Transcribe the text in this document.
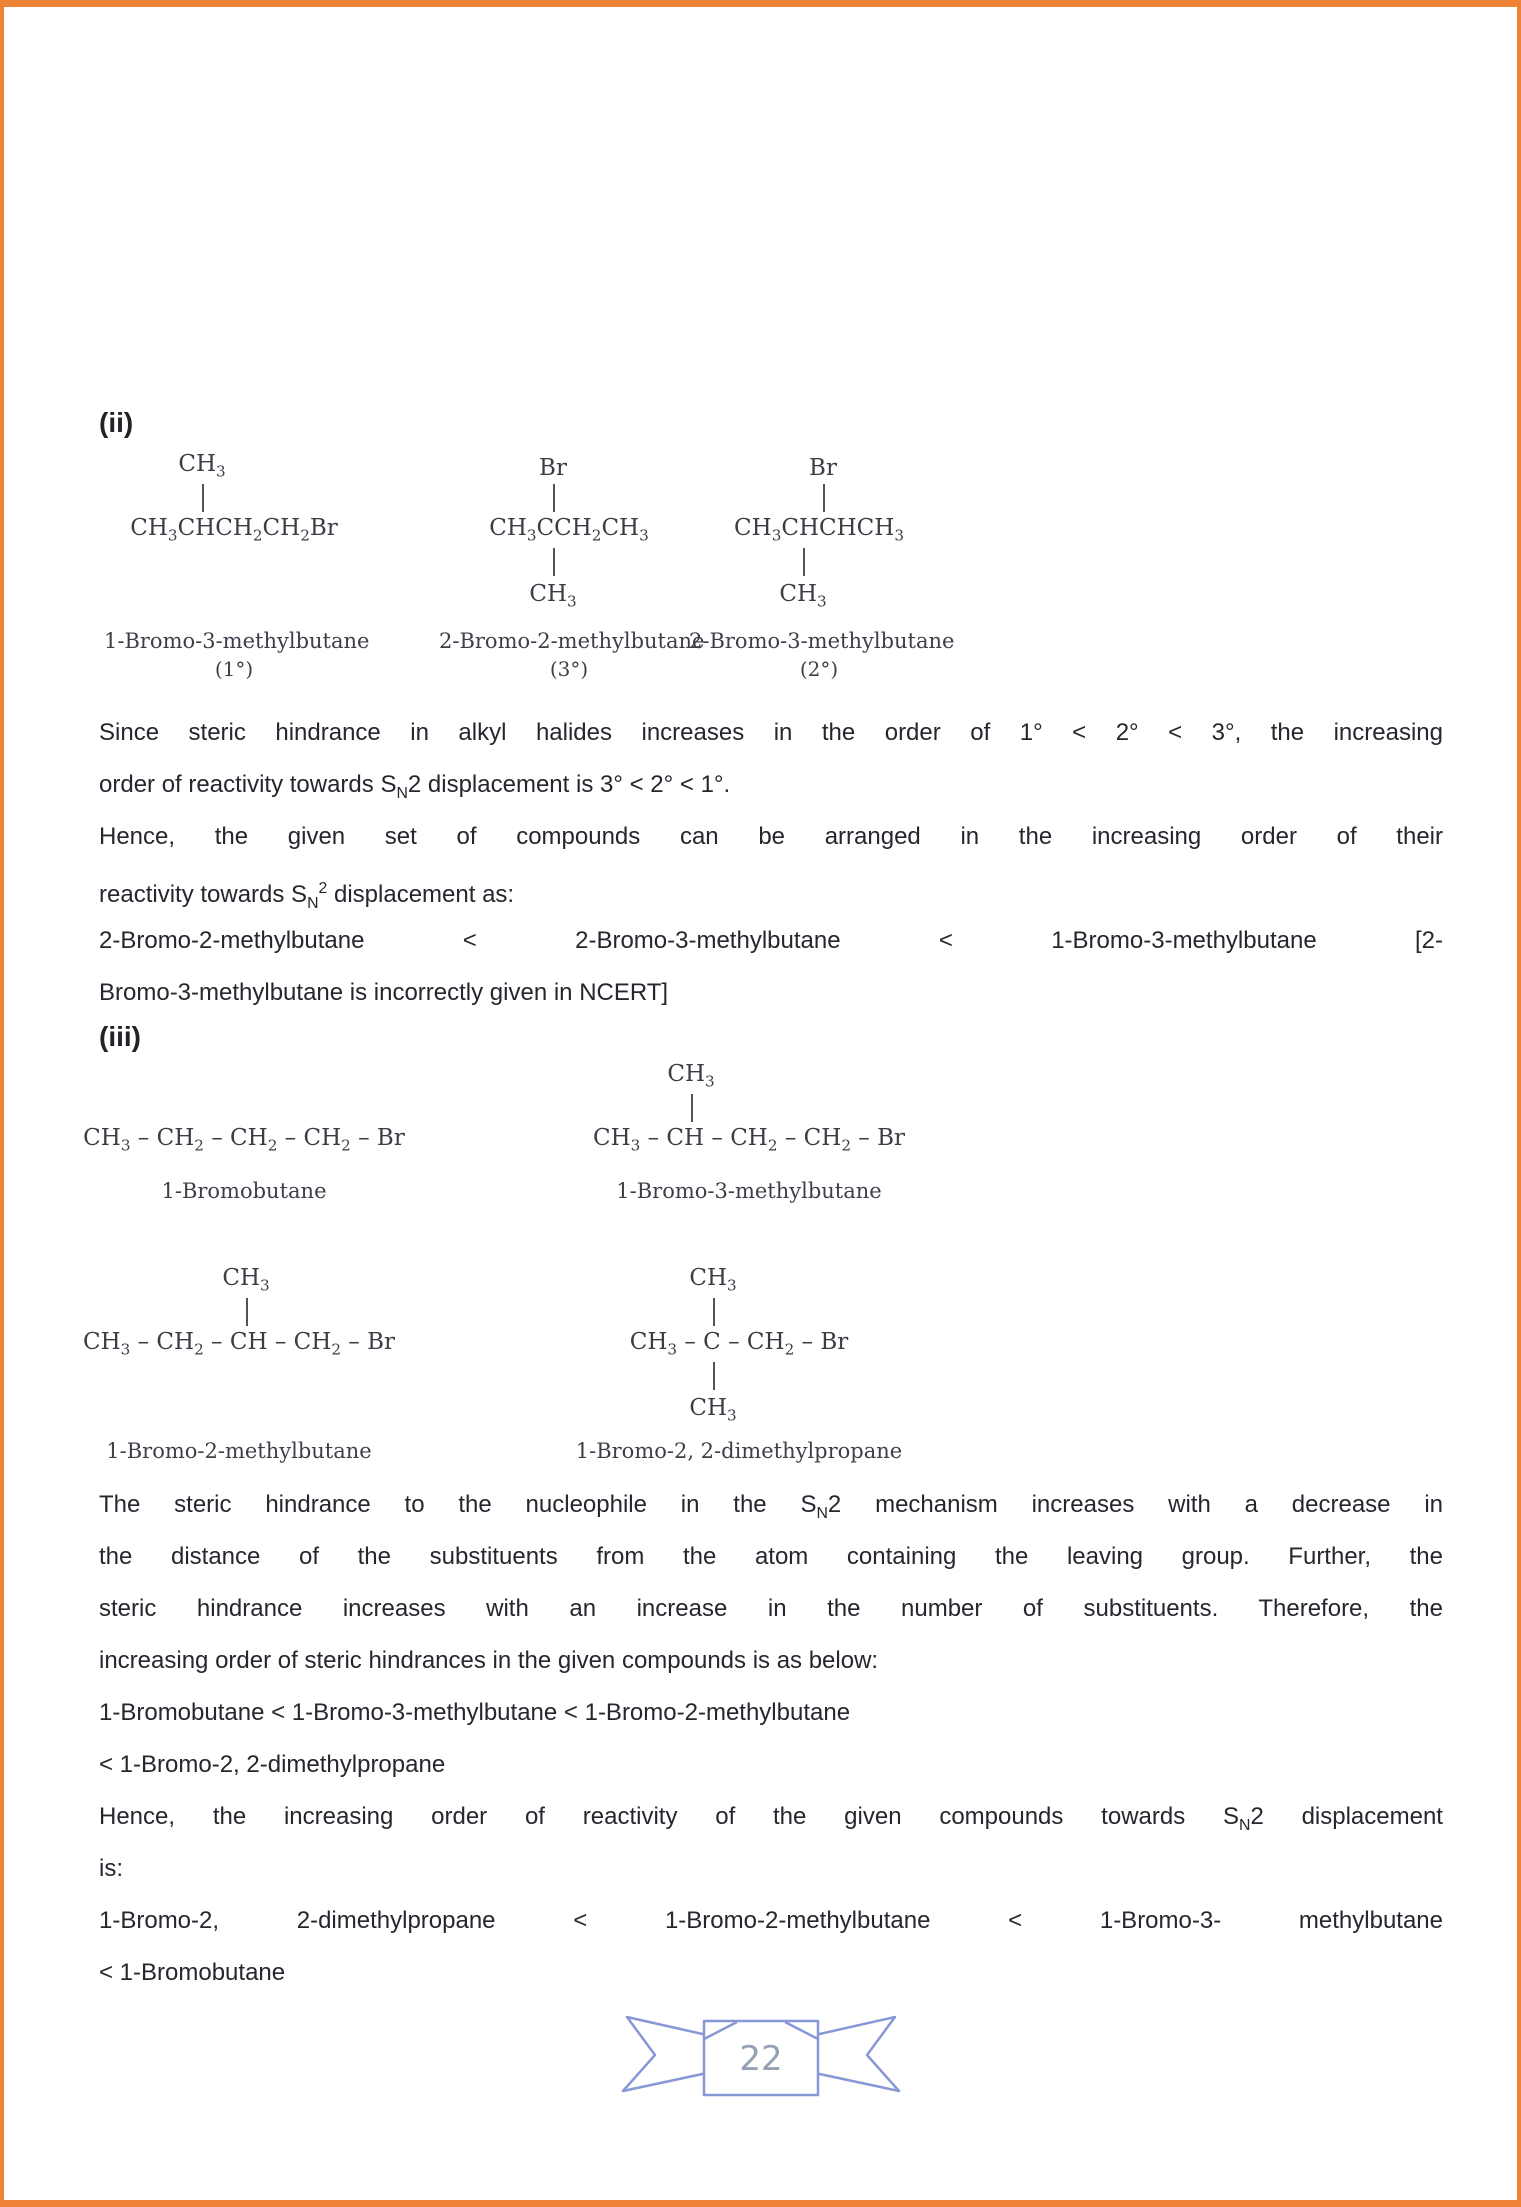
(ii)
$CH_3$
$CH_3CHCH_2CH_2Br$
1-Bromo-3-methylbutane
(1°)
Br
$CH_3CCH_2CH_3$
$CH_3$
2-Bromo-2-methylbutane
(3°)
Br
$CH_3CHCHCH_3$
$CH_3$
2-Bromo-3-methylbutane
(2°)
Since steric hindrance in alkyl halides increases in the order of 1° < 2° < 3°, the increasing
order of reactivity towards $S_N2$ displacement is 3° < 2° < 1°.
Hence, the given set of compounds can be arranged in the increasing order of their
reactivity towards $S_N^2$ displacement as:
2-Bromo-2-methylbutane < 2-Bromo-3-methylbutane < 1-Bromo-3-methylbutane [2-
Bromo-3-methylbutane is incorrectly given in NCERT]
(iii)
$CH_3 - CH_2 - CH_2 - CH_2$ – Br
1-Bromobutane
$CH_3$
$CH_3$ – CH – $CH_2 - CH_2$ – Br
1-Bromo-3-methylbutane
$CH_3$
$CH_3 - CH_2$ – CH – $CH_2$ – Br
1-Bromo-2-methylbutane
$CH_3$
$CH_3$ – C – $CH_2$ – Br
$CH_3$
1-Bromo-2, 2-dimethylpropane
The steric hindrance to the nucleophile in the $S_N2$ mechanism increases with a decrease in
the distance of the substituents from the atom containing the leaving group. Further, the
steric hindrance increases with an increase in the number of substituents. Therefore, the
increasing order of steric hindrances in the given compounds is as below:
1-Bromobutane < 1-Bromo-3-methylbutane < 1-Bromo-2-methylbutane
< 1-Bromo-2, 2-dimethylpropane
Hence, the increasing order of reactivity of the given compounds towards $S_N2$ displacement
is:
1-Bromo-2, 2-dimethylpropane < 1-Bromo-2-methylbutane < 1-Bromo-3- methylbutane
< 1-Bromobutane
22
